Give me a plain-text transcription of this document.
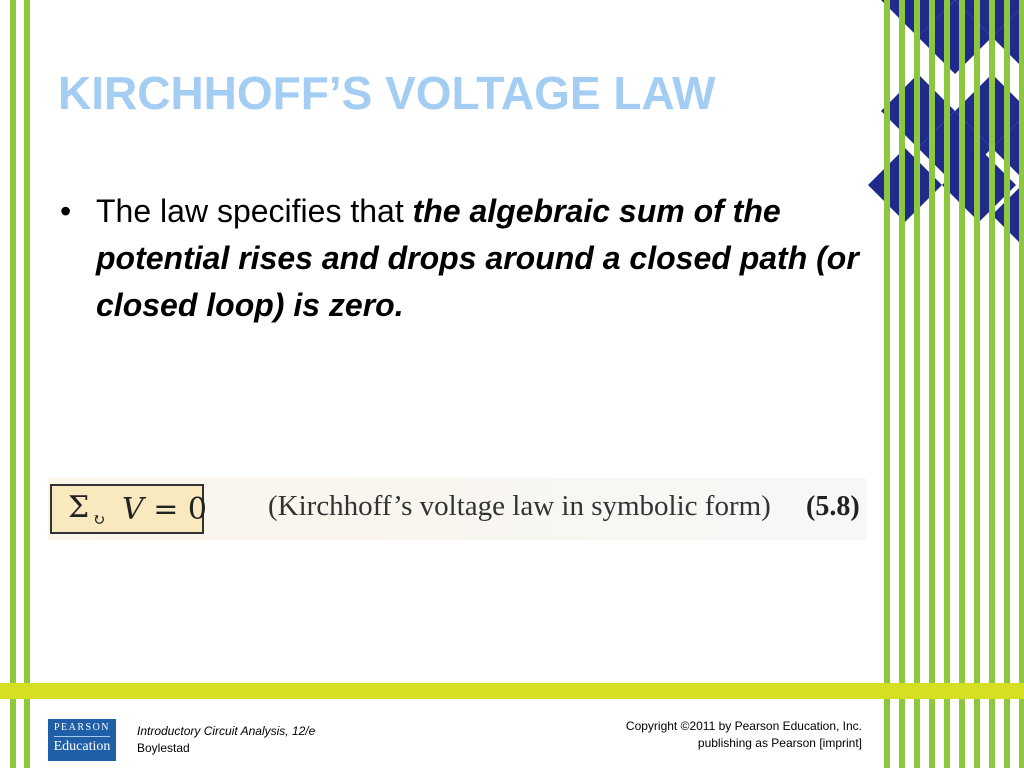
KIRCHHOFF’S VOLTAGE LAW
• The law specifies that the algebraic sum of the potential rises and drops around a closed path (or closed loop) is zero.
Σ ↻ V = 0 (Kirchhoff’s voltage law in symbolic form) (5.8)
PEARSON
Education
Introductory Circuit Analysis, 12/e
Boylestad
Copyright ©2011 by Pearson Education, Inc.
publishing as Pearson [imprint]
